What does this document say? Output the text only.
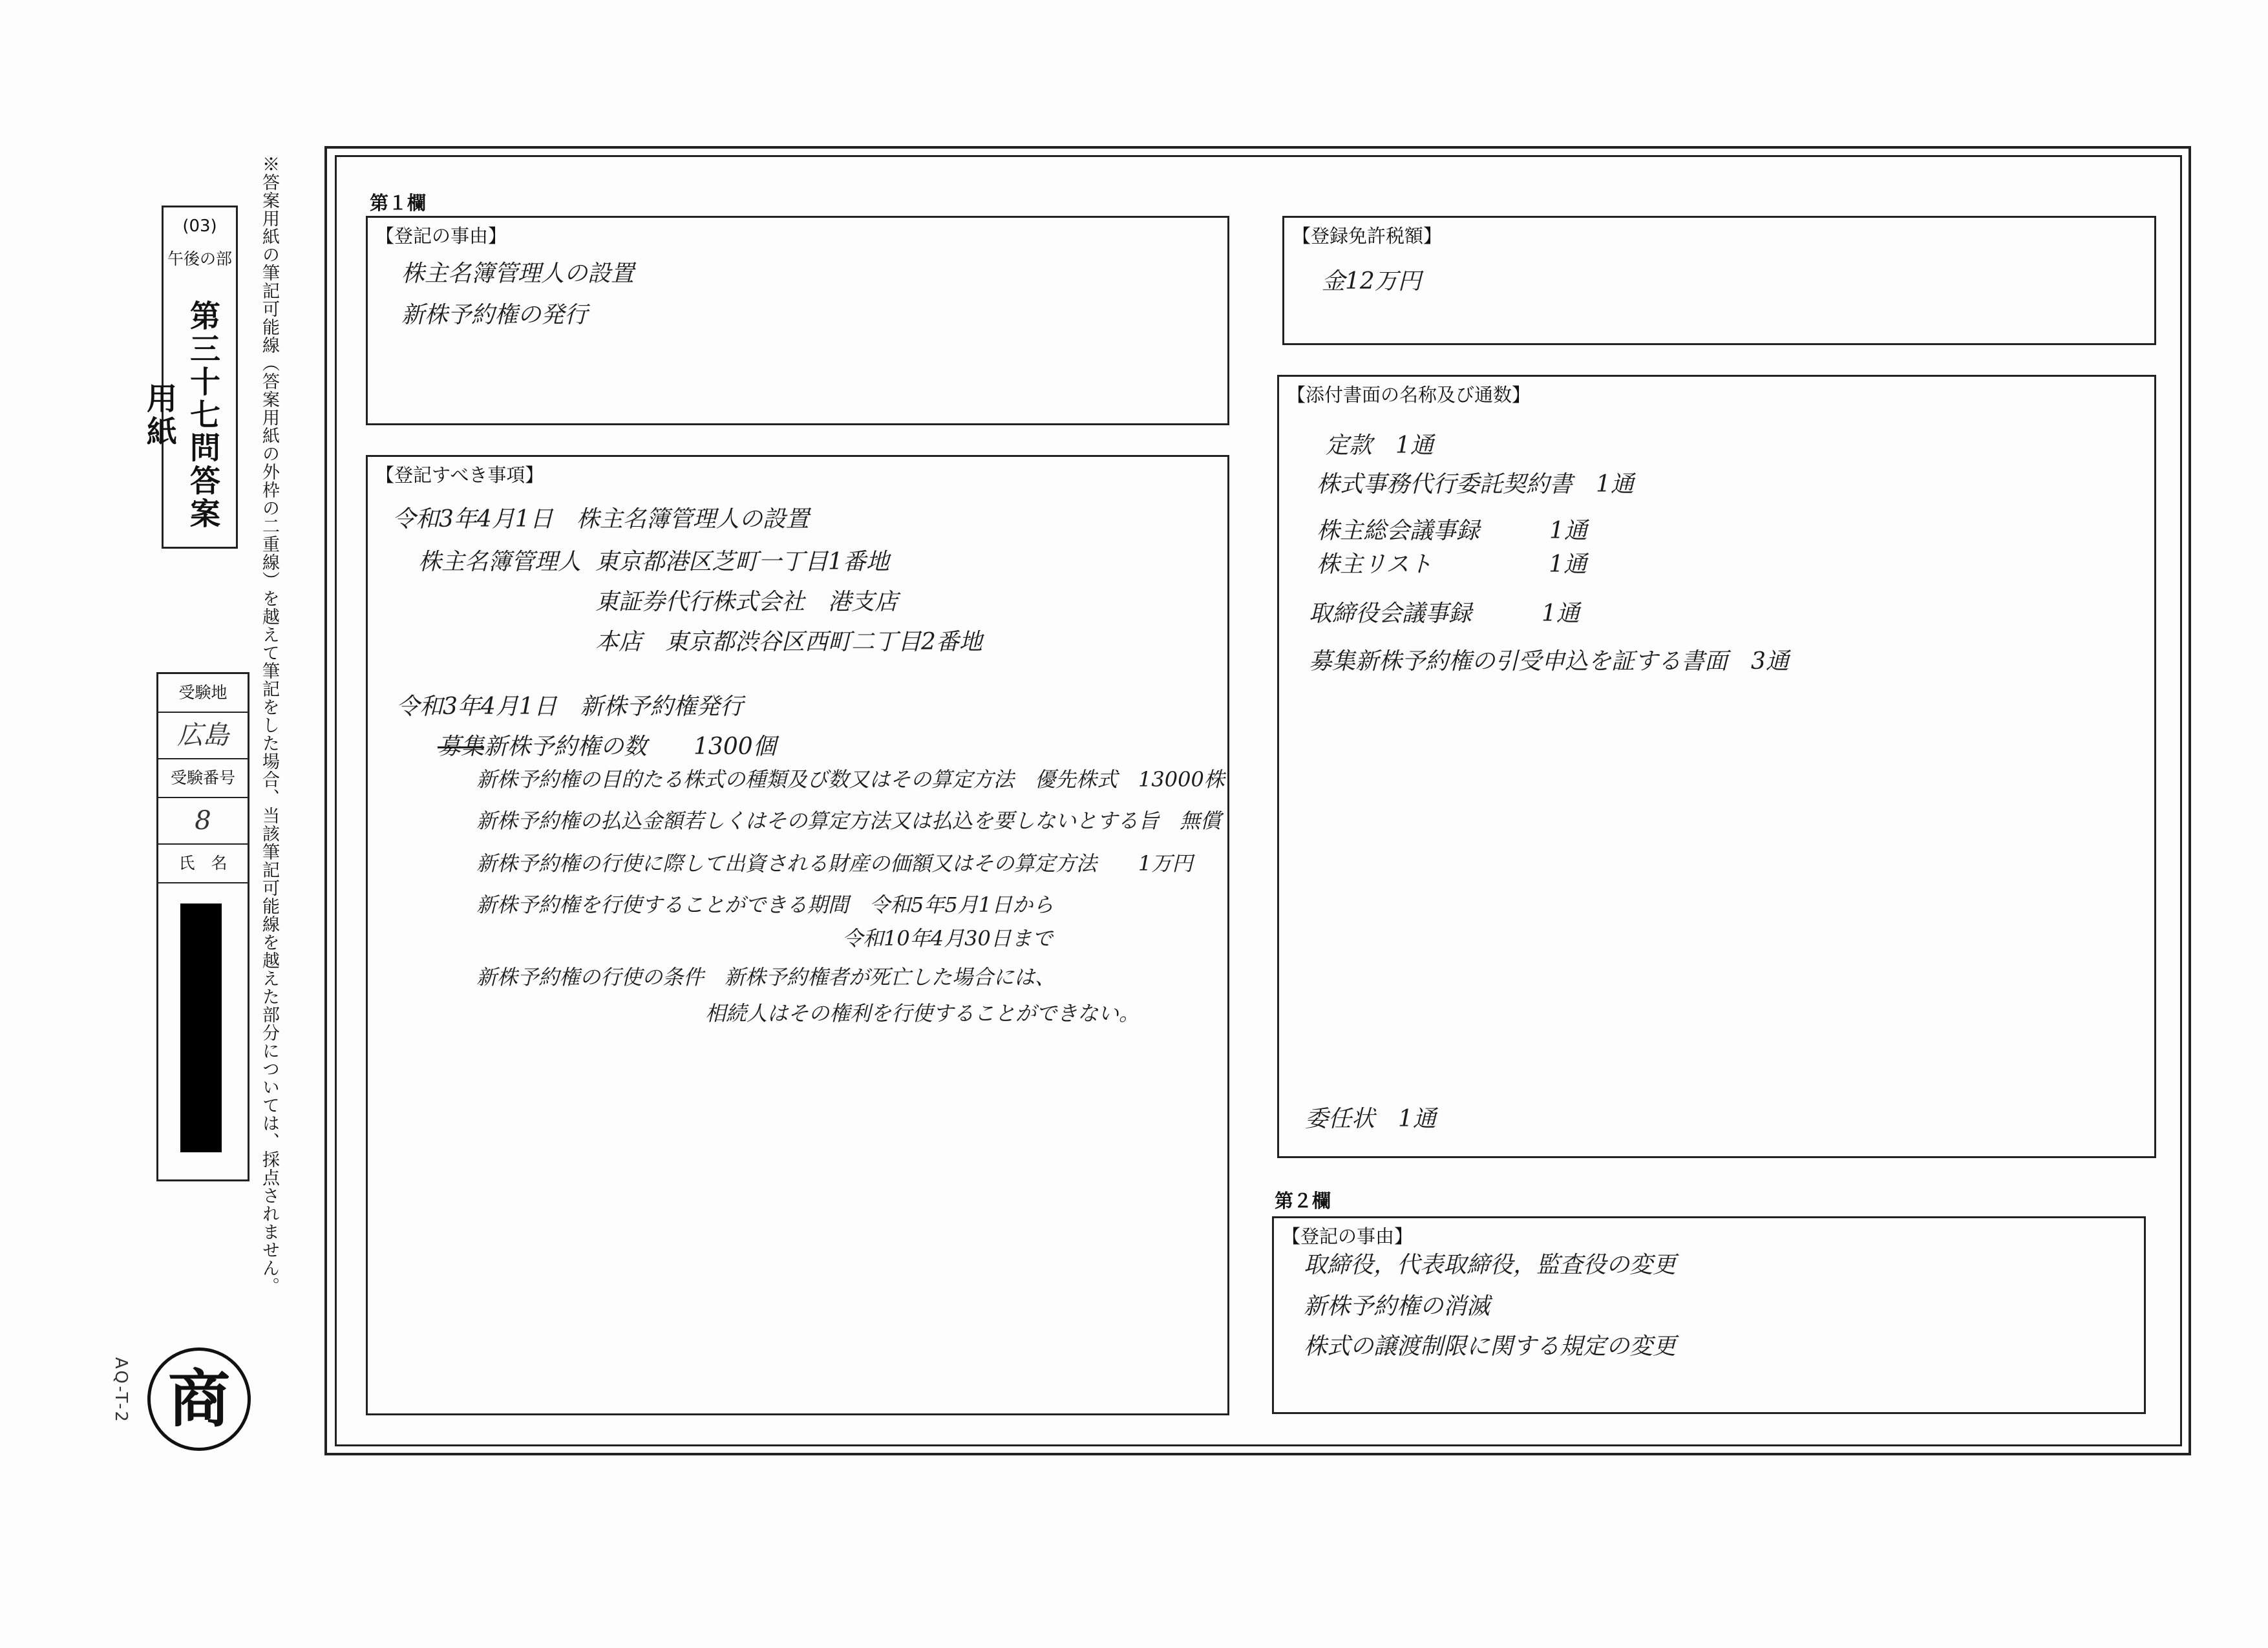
(03)
午後の部
第三十七問答案用紙	※答案用紙の筆記可能線（答案用紙の外枠の二重線）を越えて筆記をした場合、当該筆記可能線を越えた部分については、採点されません。
受験地
広島
受験番号
8
氏　名
商
AQ-T-2
第１欄
【登記の事由】
株主名簿管理人の設置
新株予約権の発行
【登記すべき事項】
令和3年4月1日　株主名簿管理人の設置
株主名簿管理人 東京都港区芝町一丁目1番地
東証券代行株式会社　港支店
本店　東京都渋谷区西町二丁目2番地
令和3年4月1日　新株予約権発行
募集新株予約権の数　　1300個
新株予約権の目的たる株式の種類及び数又はその算定方法　優先株式　13000株
新株予約権の払込金額若しくはその算定方法又は払込を要しないとする旨　無償
新株予約権の行使に際して出資される財産の価額又はその算定方法　　1万円
新株予約権を行使することができる期間　令和5年5月1日から
令和10年4月30日まで
新株予約権の行使の条件　新株予約権者が死亡した場合には、
相続人はその権利を行使することができない。
【登録免許税額】
金12万円
【添付書面の名称及び通数】
定款　1通
株式事務代行委託契約書　1通
株主総会議事録　　　1通
株主リスト　　　　　1通
取締役会議事録　　　1通
募集新株予約権の引受申込を証する書面　3通
委任状　1通
第２欄
【登記の事由】
取締役，代表取締役，監査役の変更
新株予約権の消滅
株式の譲渡制限に関する規定の変更
